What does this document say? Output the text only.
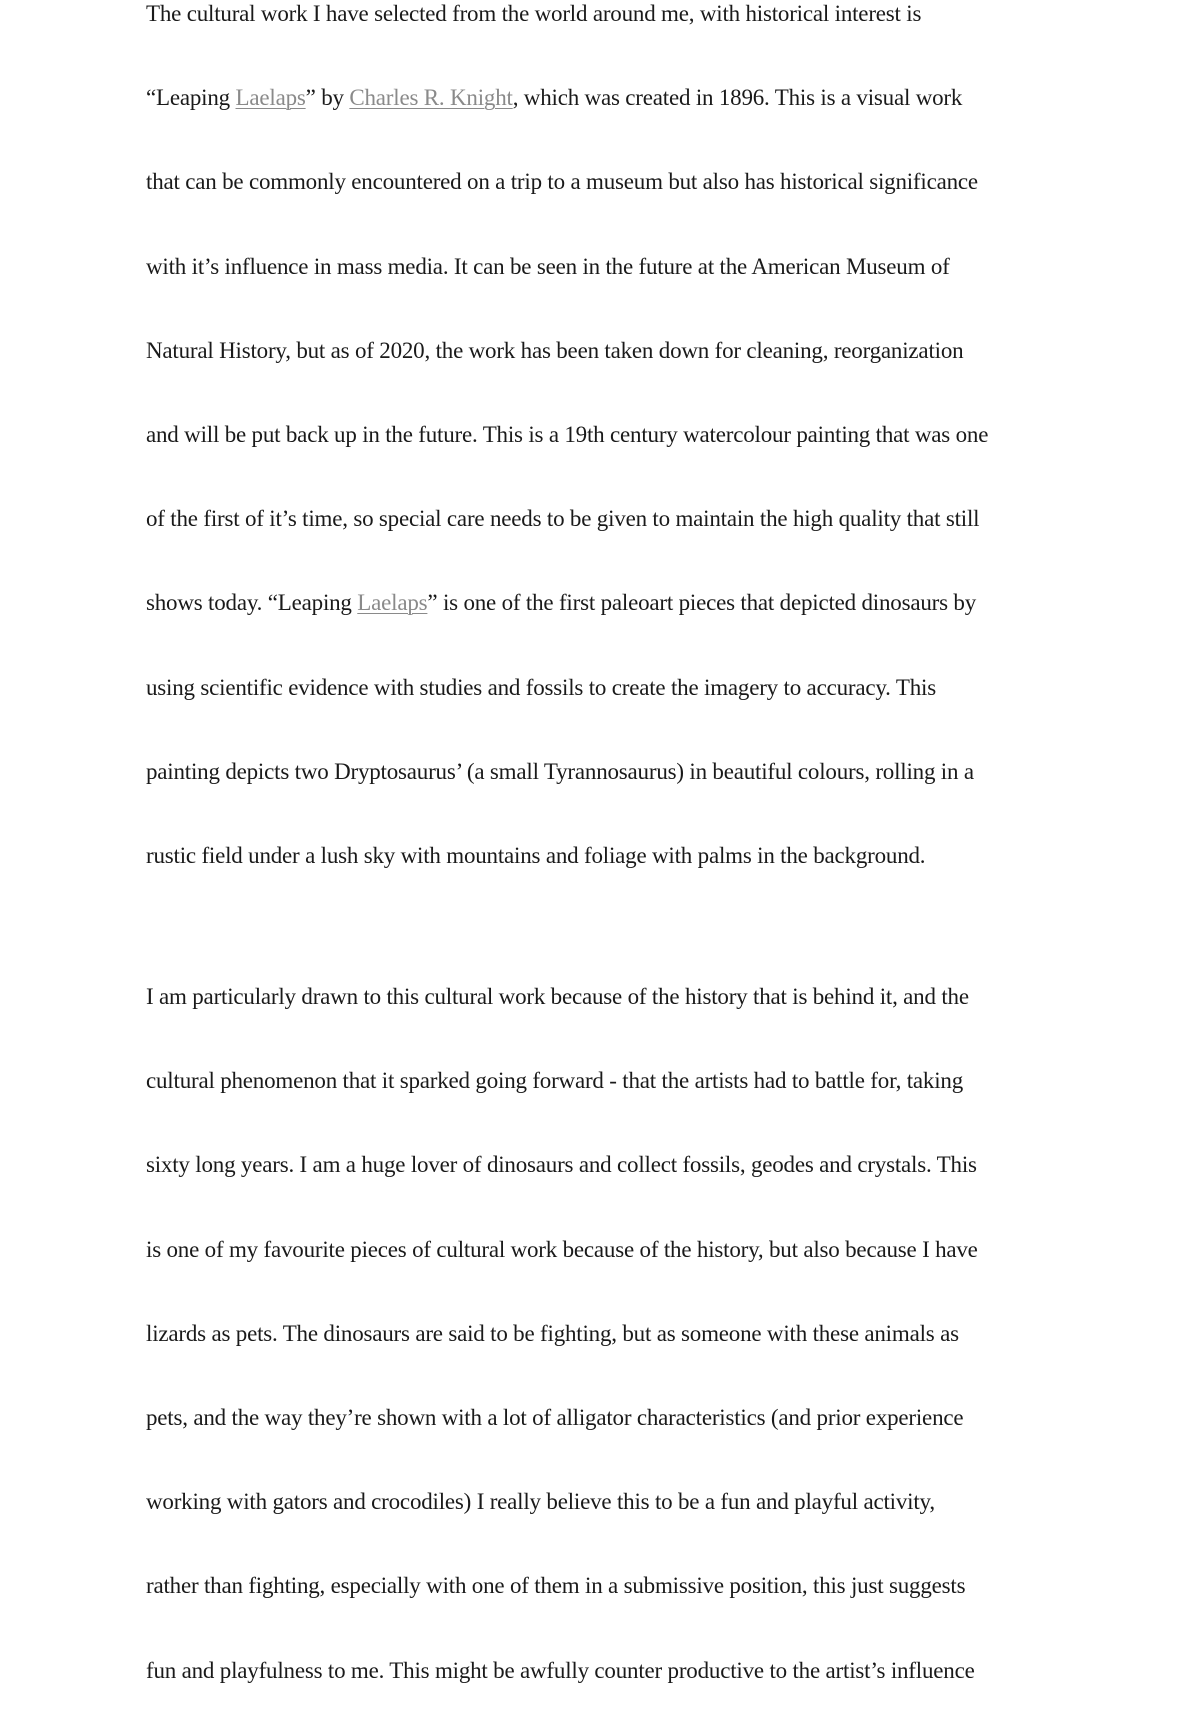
The cultural work I have selected from the world around me, with historical interest is
“Leaping Laelaps” by Charles R. Knight, which was created in 1896. This is a visual work
that can be commonly encountered on a trip to a museum but also has historical significance
with it’s influence in mass media. It can be seen in the future at the American Museum of
Natural History, but as of 2020, the work has been taken down for cleaning, reorganization
and will be put back up in the future. This is a 19th century watercolour painting that was one
of the first of it’s time, so special care needs to be given to maintain the high quality that still
shows today. “Leaping Laelaps” is one of the first paleoart pieces that depicted dinosaurs by
using scientific evidence with studies and fossils to create the imagery to accuracy. This
painting depicts two Dryptosaurus’ (a small Tyrannosaurus) in beautiful colours, rolling in a
rustic field under a lush sky with mountains and foliage with palms in the background.

I am particularly drawn to this cultural work because of the history that is behind it, and the
cultural phenomenon that it sparked going forward - that the artists had to battle for, taking
sixty long years. I am a huge lover of dinosaurs and collect fossils, geodes and crystals. This
is one of my favourite pieces of cultural work because of the history, but also because I have
lizards as pets. The dinosaurs are said to be fighting, but as someone with these animals as
pets, and the way they’re shown with a lot of alligator characteristics (and prior experience
working with gators and crocodiles) I really believe this to be a fun and playful activity,
rather than fighting, especially with one of them in a submissive position, this just suggests
fun and playfulness to me. This might be awfully counter productive to the artist’s influence
